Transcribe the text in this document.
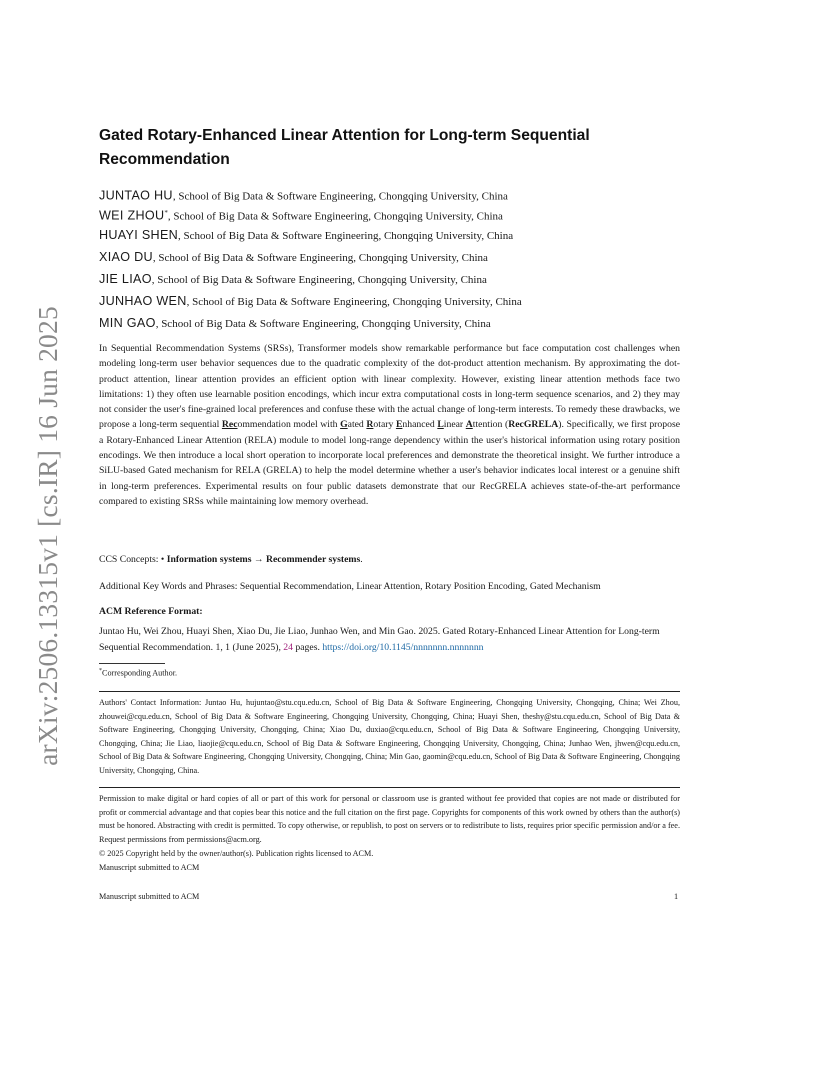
arXiv:2506.13315v1 [cs.IR] 16 Jun 2025
Gated Rotary-Enhanced Linear Attention for Long-term Sequential Recommendation
JUNTAO HU, School of Big Data & Software Engineering, Chongqing University, China
WEI ZHOU*, School of Big Data & Software Engineering, Chongqing University, China
HUAYI SHEN, School of Big Data & Software Engineering, Chongqing University, China
XIAO DU, School of Big Data & Software Engineering, Chongqing University, China
JIE LIAO, School of Big Data & Software Engineering, Chongqing University, China
JUNHAO WEN, School of Big Data & Software Engineering, Chongqing University, China
MIN GAO, School of Big Data & Software Engineering, Chongqing University, China
In Sequential Recommendation Systems (SRSs), Transformer models show remarkable performance but face computation cost challenges when modeling long-term user behavior sequences due to the quadratic complexity of the dot-product attention mechanism. By approximating the dot-product attention, linear attention provides an efficient option with linear complexity. However, existing linear attention methods face two limitations: 1) they often use learnable position encodings, which incur extra computational costs in long-term sequence scenarios, and 2) they may not consider the user's fine-grained local preferences and confuse these with the actual change of long-term interests. To remedy these drawbacks, we propose a long-term sequential Recommendation model with Gated Rotary Enhanced Linear Attention (RecGRELA). Specifically, we first propose a Rotary-Enhanced Linear Attention (RELA) module to model long-range dependency within the user's historical information using rotary position encodings. We then introduce a local short operation to incorporate local preferences and demonstrate the theoretical insight. We further introduce a SiLU-based Gated mechanism for RELA (GRELA) to help the model determine whether a user's behavior indicates local interest or a genuine shift in long-term preferences. Experimental results on four public datasets demonstrate that our RecGRELA achieves state-of-the-art performance compared to existing SRSs while maintaining low memory overhead.
CCS Concepts: • Information systems → Recommender systems.
Additional Key Words and Phrases: Sequential Recommendation, Linear Attention, Rotary Position Encoding, Gated Mechanism
ACM Reference Format:
Juntao Hu, Wei Zhou, Huayi Shen, Xiao Du, Jie Liao, Junhao Wen, and Min Gao. 2025. Gated Rotary-Enhanced Linear Attention for Long-term Sequential Recommendation. 1, 1 (June 2025), 24 pages. https://doi.org/10.1145/nnnnnnn.nnnnnnn
*Corresponding Author.
Authors' Contact Information: Juntao Hu, hujuntao@stu.cqu.edu.cn, School of Big Data & Software Engineering, Chongqing University, Chongqing, China; Wei Zhou, zhouwei@cqu.edu.cn, School of Big Data & Software Engineering, Chongqing University, Chongqing, China; Huayi Shen, theshy@stu.cqu.edu.cn, School of Big Data & Software Engineering, Chongqing University, Chongqing, China; Xiao Du, duxiao@cqu.edu.cn, School of Big Data & Software Engineering, Chongqing University, Chongqing, China; Jie Liao, liaojie@cqu.edu.cn, School of Big Data & Software Engineering, Chongqing University, Chongqing, China; Junhao Wen, jhwen@cqu.edu.cn, School of Big Data & Software Engineering, Chongqing University, Chongqing, China; Min Gao, gaomin@cqu.edu.cn, School of Big Data & Software Engineering, Chongqing University, Chongqing, China.
Permission to make digital or hard copies of all or part of this work for personal or classroom use is granted without fee provided that copies are not made or distributed for profit or commercial advantage and that copies bear this notice and the full citation on the first page. Copyrights for components of this work owned by others than the author(s) must be honored. Abstracting with credit is permitted. To copy otherwise, or republish, to post on servers or to redistribute to lists, requires prior specific permission and/or a fee. Request permissions from permissions@acm.org.
© 2025 Copyright held by the owner/author(s). Publication rights licensed to ACM.
Manuscript submitted to ACM
Manuscript submitted to ACM	1
